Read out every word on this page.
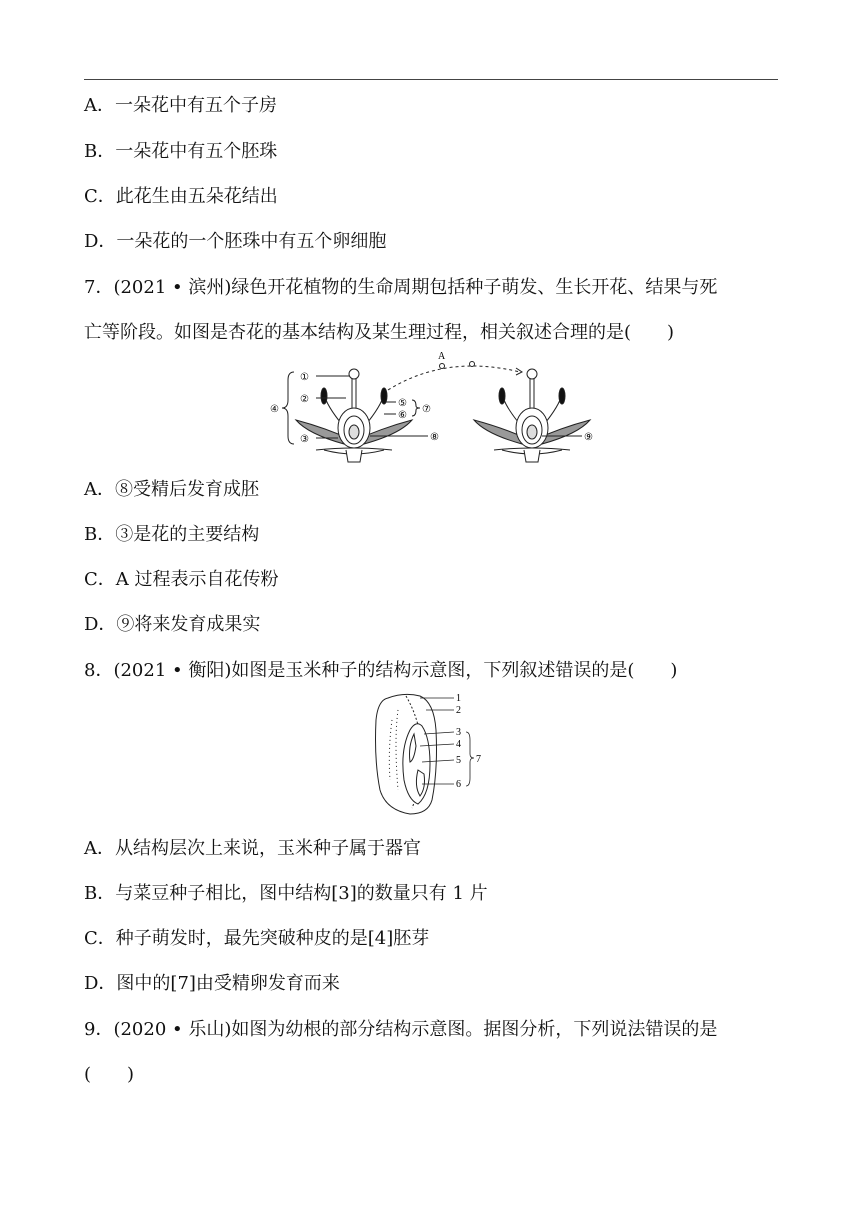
A．一朵花中有五个子房
B．一朵花中有五个胚珠
C．此花生由五朵花结出
D．一朵花的一个胚珠中有五个卵细胞
7．(2021 • 滨州)绿色开花植物的生命周期包括种子萌发、生长开花、结果与死
亡等阶段。如图是杏花的基本结构及某生理过程，相关叙述合理的是(　　)
①
②
④
③
⑤
⑥
⑦
⑧
A
⑨
A．⑧受精后发育成胚
B．③是花的主要结构
C．A 过程表示自花传粉
D．⑨将来发育成果实
8．(2021 • 衡阳)如图是玉米种子的结构示意图，下列叙述错误的是(　　)
1
2
3
4
5
6
7
A．从结构层次上来说，玉米种子属于器官
B．与菜豆种子相比，图中结构[3]的数量只有 1 片
C．种子萌发时，最先突破种皮的是[4]胚芽
D．图中的[7]由受精卵发育而来
9．(2020 • 乐山)如图为幼根的部分结构示意图。据图分析，下列说法错误的是
(　　)
